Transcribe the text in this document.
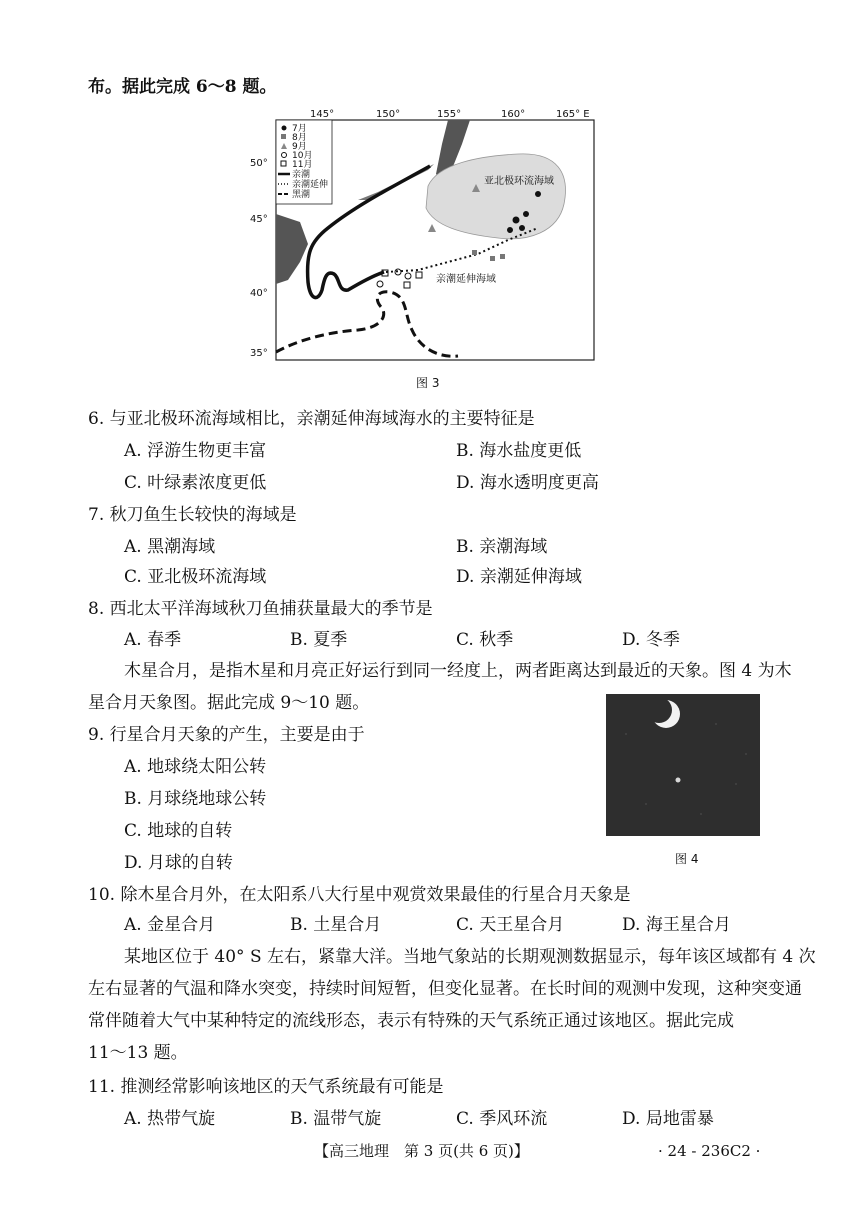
布。据此完成 6～8 题。
145°	150°	155°	160°	165° E
50°
45°
40°
35°
亚北极环流海域
亲潮延伸海域
7月
8月
9月
10月
11月
亲潮
亲潮延伸
黑潮
图 3
6. 与亚北极环流海域相比，亲潮延伸海域海水的主要特征是
A. 浮游生物更丰富	B. 海水盐度更低
C. 叶绿素浓度更低	D. 海水透明度更高
7. 秋刀鱼生长较快的海域是
A. 黑潮海域	B. 亲潮海域
C. 亚北极环流海域	D. 亲潮延伸海域
8. 西北太平洋海域秋刀鱼捕获量最大的季节是
A. 春季	B. 夏季	C. 秋季	D. 冬季
木星合月，是指木星和月亮正好运行到同一经度上，两者距离达到最近的天象。图 4 为木
星合月天象图。据此完成 9～10 题。
图 4
9. 行星合月天象的产生，主要是由于
A. 地球绕太阳公转
B. 月球绕地球公转
C. 地球的自转
D. 月球的自转
10. 除木星合月外，在太阳系八大行星中观赏效果最佳的行星合月天象是
A. 金星合月	B. 土星合月	C. 天王星合月	D. 海王星合月
某地区位于 40° S 左右，紧靠大洋。当地气象站的长期观测数据显示，每年该区域都有 4 次
左右显著的气温和降水突变，持续时间短暂，但变化显著。在长时间的观测中发现，这种突变通
常伴随着大气中某种特定的流线形态，表示有特殊的天气系统正通过该地区。据此完成
11～13 题。
11. 推测经常影响该地区的天气系统最有可能是
A. 热带气旋	B. 温带气旋	C. 季风环流	D. 局地雷暴
【高三地理　第 3 页(共 6 页)】	· 24 - 236C2 ·
